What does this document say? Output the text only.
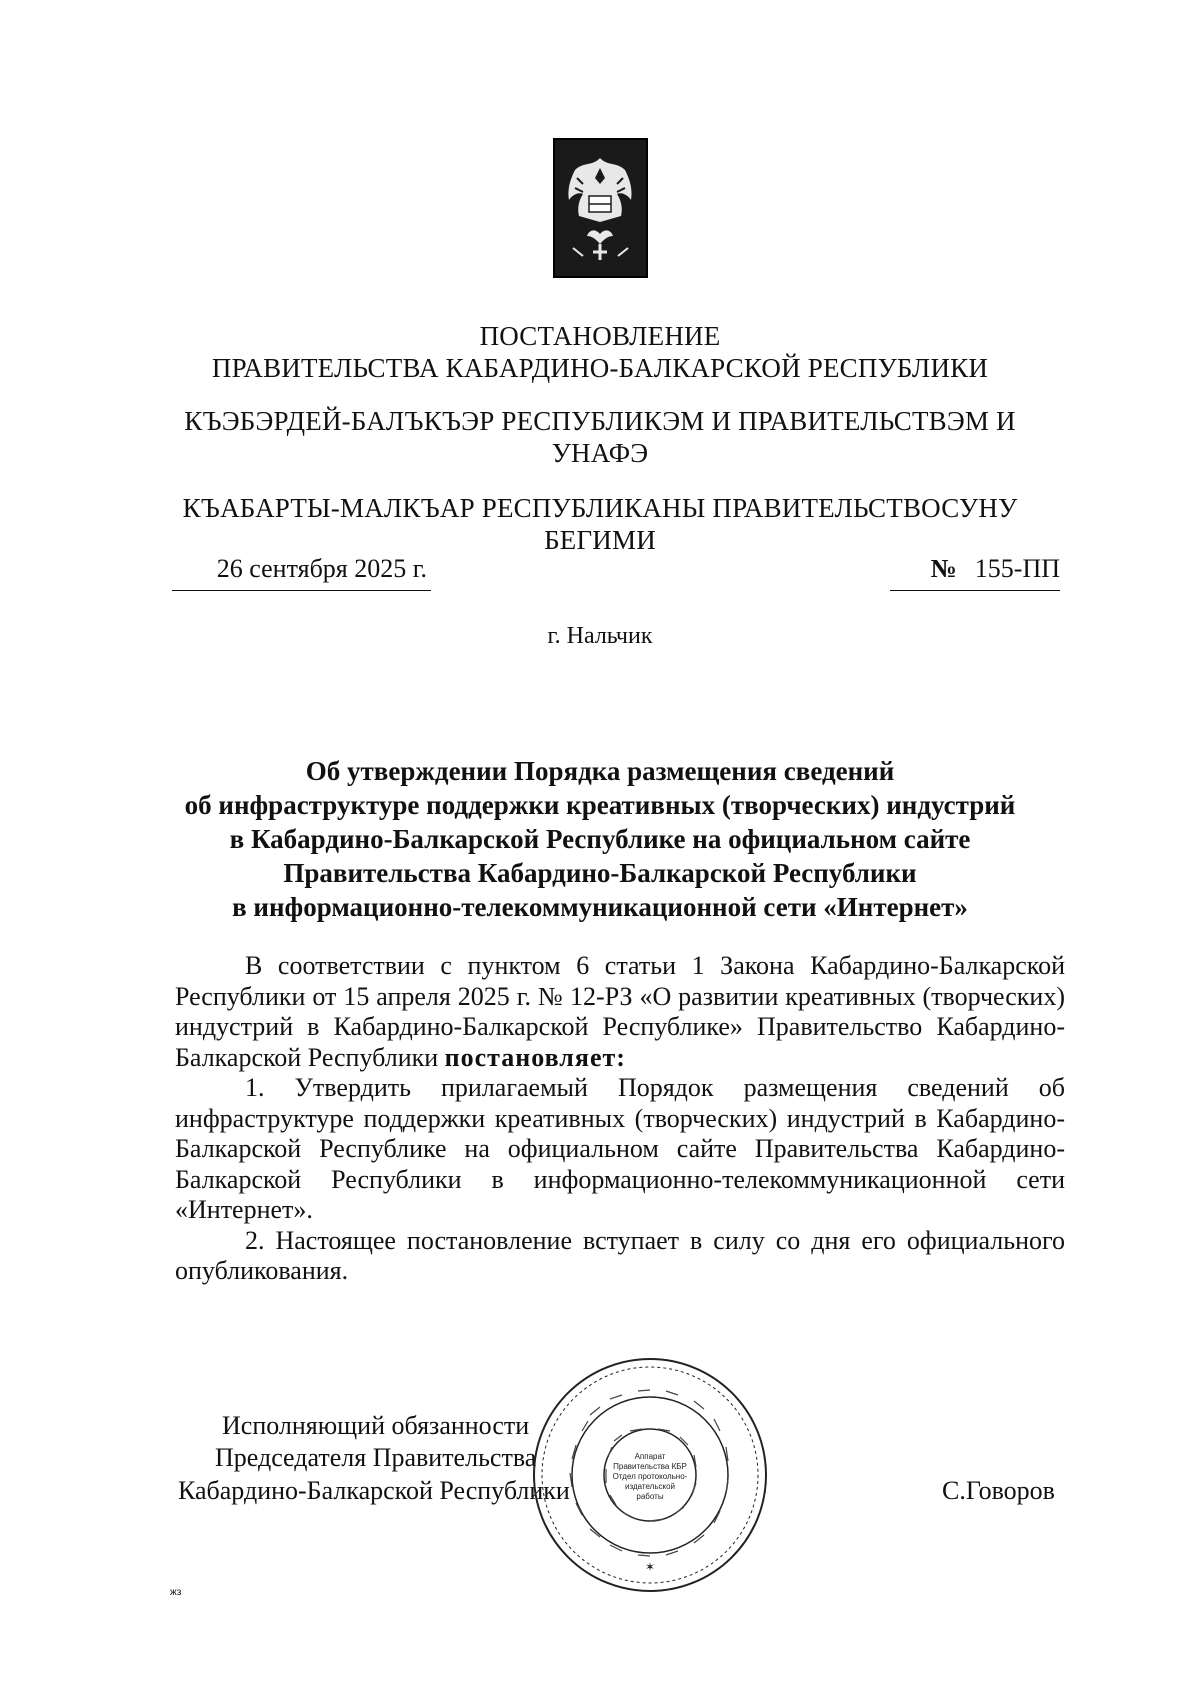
ПОСТАНОВЛЕНИЕ
ПРАВИТЕЛЬСТВА КАБАРДИНО-БАЛКАРСКОЙ РЕСПУБЛИКИ
КЪЭБЭРДЕЙ-БАЛЪКЪЭР РЕСПУБЛИКЭМ И ПРАВИТЕЛЬСТВЭМ И
УНАФЭ
КЪАБАРТЫ-МАЛКЪАР РЕСПУБЛИКАНЫ ПРАВИТЕЛЬСТВОСУНУ
БЕГИМИ
26 сентября 2025 г.	№ 155-ПП
г. Нальчик
Об утверждении Порядка размещения сведений
об инфраструктуре поддержки креативных (творческих) индустрий
в Кабардино-Балкарской Республике на официальном сайте
Правительства Кабардино-Балкарской Республики
в информационно-телекоммуникационной сети «Интернет»

В соответствии с пунктом 6 статьи 1 Закона Кабардино-Балкарской Республики от 15 апреля 2025 г. № 12-РЗ «О развитии креативных (творческих) индустрий в Кабардино-Балкарской Республике» Правительство Кабардино-Балкарской Республики постановляет:

1. Утвердить прилагаемый Порядок размещения сведений об инфраструктуре поддержки креативных (творческих) индустрий в Кабардино-Балкарской Республике на официальном сайте Правительства Кабардино-Балкарской Республики в информационно-телекоммуникационной сети «Интернет».

2. Настоящее постановление вступает в силу со дня его официального опубликования.

Исполняющий обязанности
Председателя Правительства
Кабардино-Балкарской Республики	С.Говоров
Аппарат
Правительства КБР
Отдел протокольно-
издательской
работы
✶
жз
